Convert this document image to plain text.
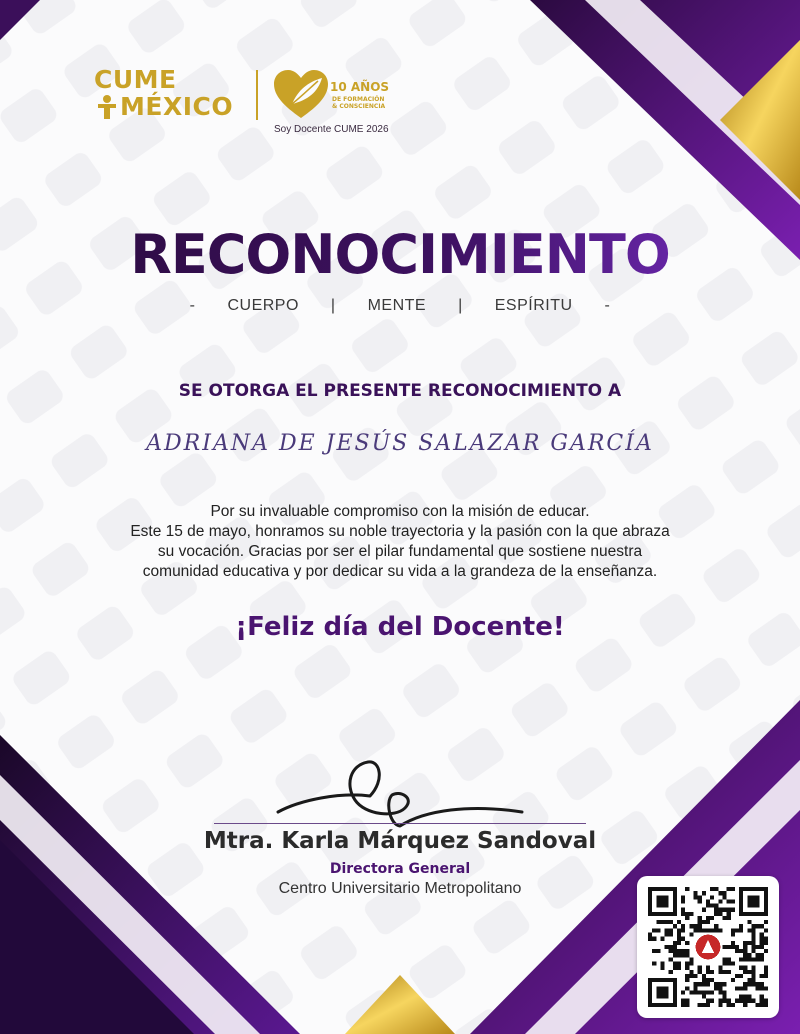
CUME
MÉXICO
10 AÑOS
DE FORMACIÓN
& CONSCIENCIA
Soy Docente CUME 2026
RECONOCIMIENTO
- CUERPO | MENTE | ESPÍRITU -
SE OTORGA EL PRESENTE RECONOCIMIENTO A
ADRIANA DE JESÚS SALAZAR GARCÍA
Por su invaluable compromiso con la misión de educar.
Este 15 de mayo, honramos su noble trayectoria y la pasión con la que abraza
su vocación. Gracias por ser el pilar fundamental que sostiene nuestra
comunidad educativa y por dedicar su vida a la grandeza de la enseñanza.
¡Feliz día del Docente!
Mtra. Karla Márquez Sandoval
Directora General
Centro Universitario Metropolitano
